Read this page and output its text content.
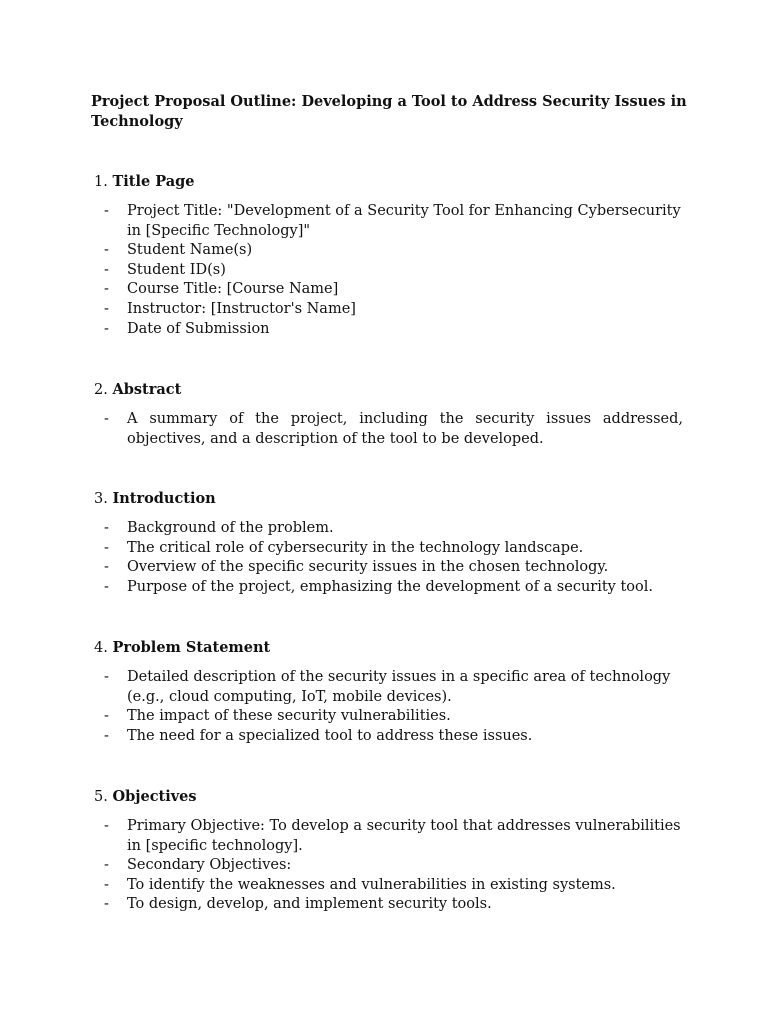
Project Proposal Outline: Developing a Tool to Address Security Issues in Technology
1. Title Page
- Project Title: "Development of a Security Tool for Enhancing Cybersecurity in [Specific Technology]"
- Student Name(s)
- Student ID(s)
- Course Title: [Course Name]
- Instructor: [Instructor's Name]
- Date of Submission
2. Abstract
- A summary of the project, including the security issues addressed, objectives, and a description of the tool to be developed.
3. Introduction
- Background of the problem.
- The critical role of cybersecurity in the technology landscape.
- Overview of the specific security issues in the chosen technology.
- Purpose of the project, emphasizing the development of a security tool.
4. Problem Statement
- Detailed description of the security issues in a specific area of technology (e.g., cloud computing, IoT, mobile devices).
- The impact of these security vulnerabilities.
- The need for a specialized tool to address these issues.
5. Objectives
- Primary Objective: To develop a security tool that addresses vulnerabilities in [specific technology].
- Secondary Objectives:
- To identify the weaknesses and vulnerabilities in existing systems.
- To design, develop, and implement security tools.
